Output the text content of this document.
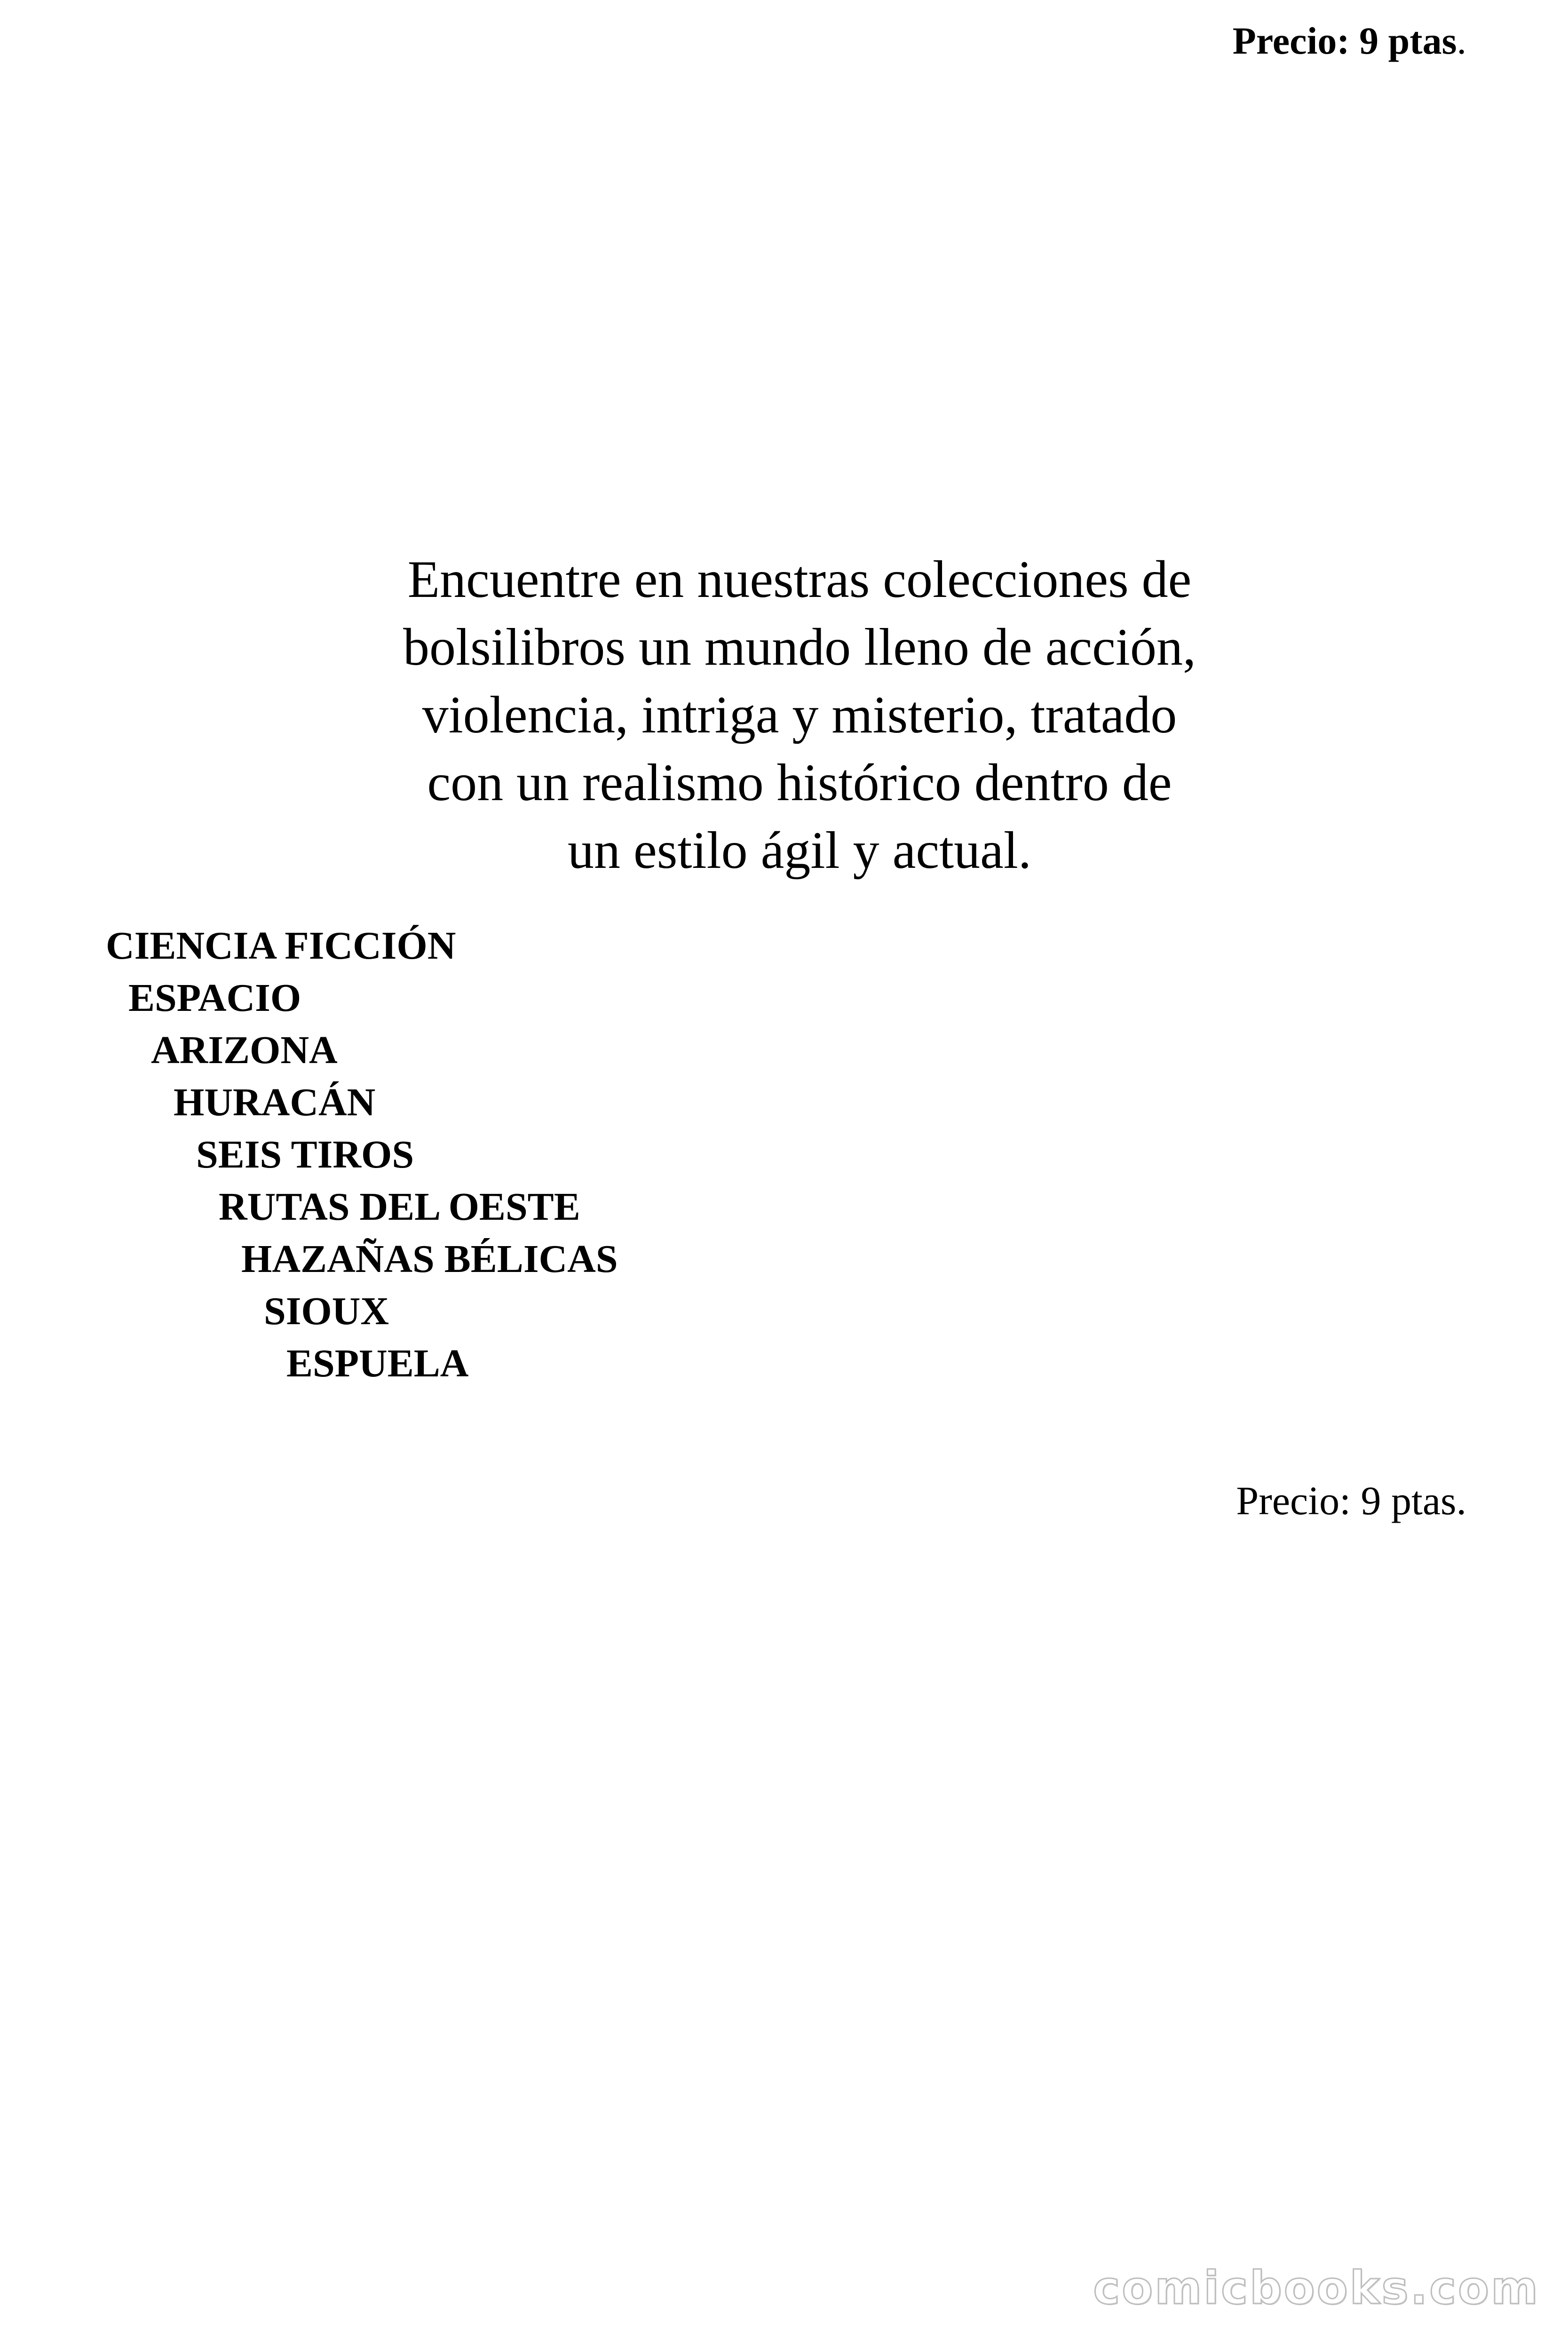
Precio: 9 ptas.
Encuentre en nuestras colecciones de
bolsilibros un mundo lleno de acción,
violencia, intriga y misterio, tratado
con un realismo histórico dentro de
un estilo ágil y actual.
CIENCIA FICCIÓN
ESPACIO
ARIZONA
HURACÁN
SEIS TIROS
RUTAS DEL OESTE
HAZAÑAS BÉLICAS
SIOUX
ESPUELA
Precio: 9 ptas.
comicbooks.com
